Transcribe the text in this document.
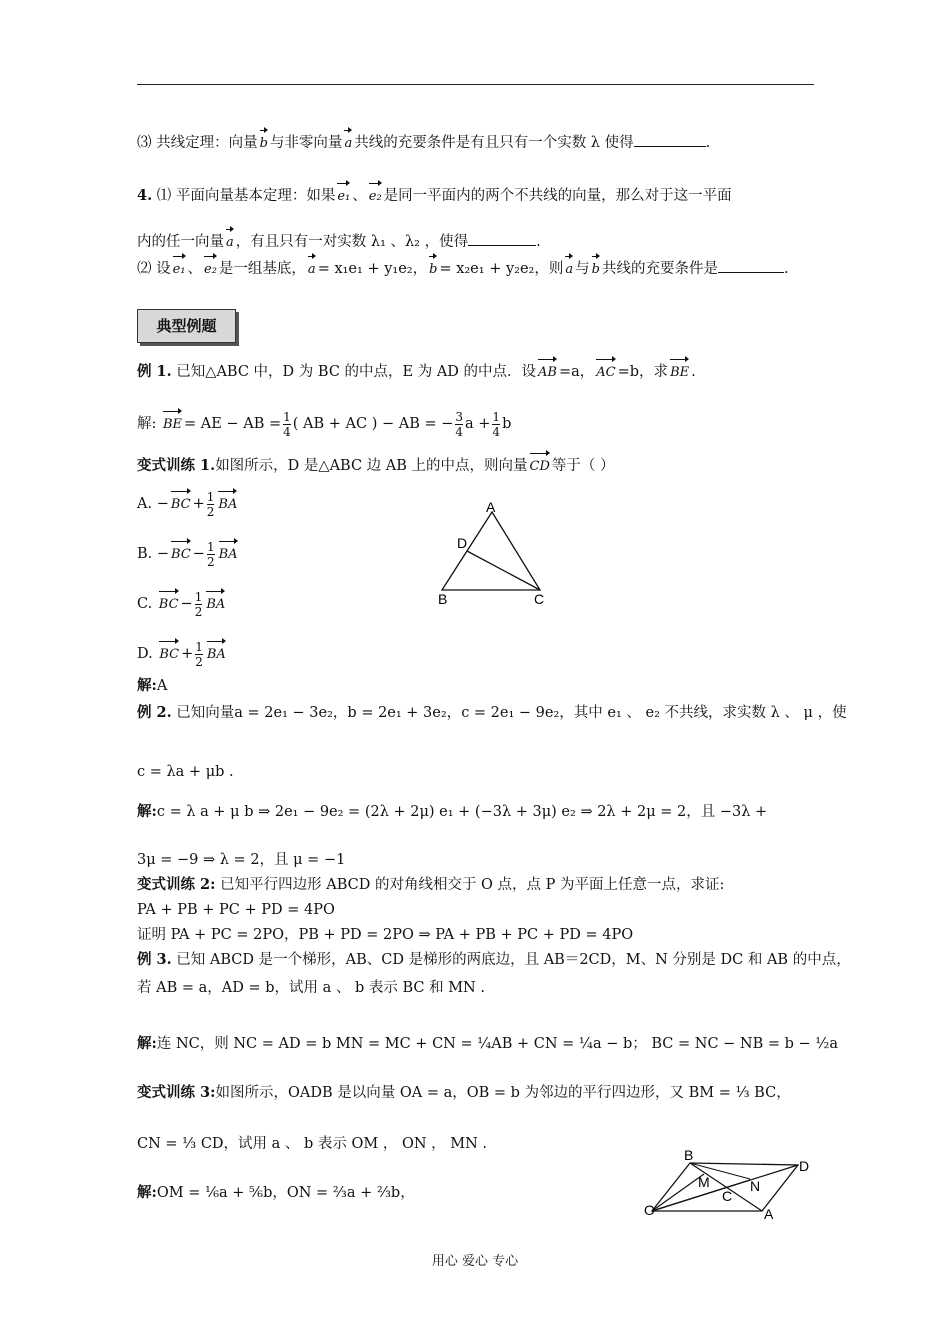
⑶ 共线定理：向量 b 与非零向量 a 共线的充要条件是有且只有一个实数 λ 使得	.
4. ⑴ 平面向量基本定理：如果 e₁ 、 e₂ 是同一平面内的两个不共线的向量，那么对于这一平面
内的任一向量 a ，有且只有一对实数 λ₁ 、λ₂ ，使得	.
⑵ 设 e₁ 、 e₂ 是一组基底， a = x₁e₁ + y₁e₂， b = x₂e₁ + y₂e₂，则 a 与 b 共线的充要条件是	.
典型例题
例 1. 已知△ABC 中，D 为 BC 的中点，E 为 AD 的中点．设 AB =a， AC =b，求 BE .
解: BE = AE − AB = $\frac{1}{4}$ ( AB + AC ) − AB = − $\frac{3}{4}$ $a + \frac{1}{4}$ b
变式训练 1.如图所示，D 是△ABC 边 AB 上的中点，则向量 CD 等于（ ）
A. − BC + $\frac{1}{2}$ BA
B. − BC − $\frac{1}{2}$ BA
C. BC − $\frac{1}{2}$ BA
D. BC + $\frac{1}{2}$ BA
解:A
A
D
B	C
例 2. 已知向量a = 2e₁ − 3e₂，b = 2e₁ + 3e₂，c = 2e₁ − 9e₂，其中 e₁ 、 e₂ 不共线，求实数 λ 、 μ ，使
c = λa + μb .
解:c = λ a + μ b ⇒ 2e₁ − 9e₂ = (2λ + 2μ) e₁ + (−3λ + 3μ) e₂ ⇒ 2λ + 2μ = 2，且 −3λ +
3μ = −9 ⇒ λ = 2，且 μ = −1
变式训练 2: 已知平行四边形 ABCD 的对角线相交于 O 点，点 P 为平面上任意一点，求证:
PA + PB + PC + PD = 4PO
证明 PA + PC = 2PO，PB + PD = 2PO ⇒ PA + PB + PC + PD = 4PO
例 3. 已知 ABCD 是一个梯形，AB、CD 是梯形的两底边，且 AB＝2CD，M、N 分别是 DC 和 AB 的中点，
若 AB = a，AD = b，试用 a 、 b 表示 BC 和 MN .
解:连 NC，则 NC = AD = b MN = MC + CN = ¼AB + CN = ¼a − b； BC = NC − NB = b − ½a
变式训练 3:如图所示，OADB 是以向量 OA = a，OB = b 为邻边的平行四边形，又 BM = ⅓ BC，
CN = ⅓ CD，试用 a 、 b 表示 OM ， ON ， MN .
解:OM = ⅙a + ⅚b，ON = ⅔a + ⅔b，
B
D
M	N
C
O	A
用心 爱心 专心
